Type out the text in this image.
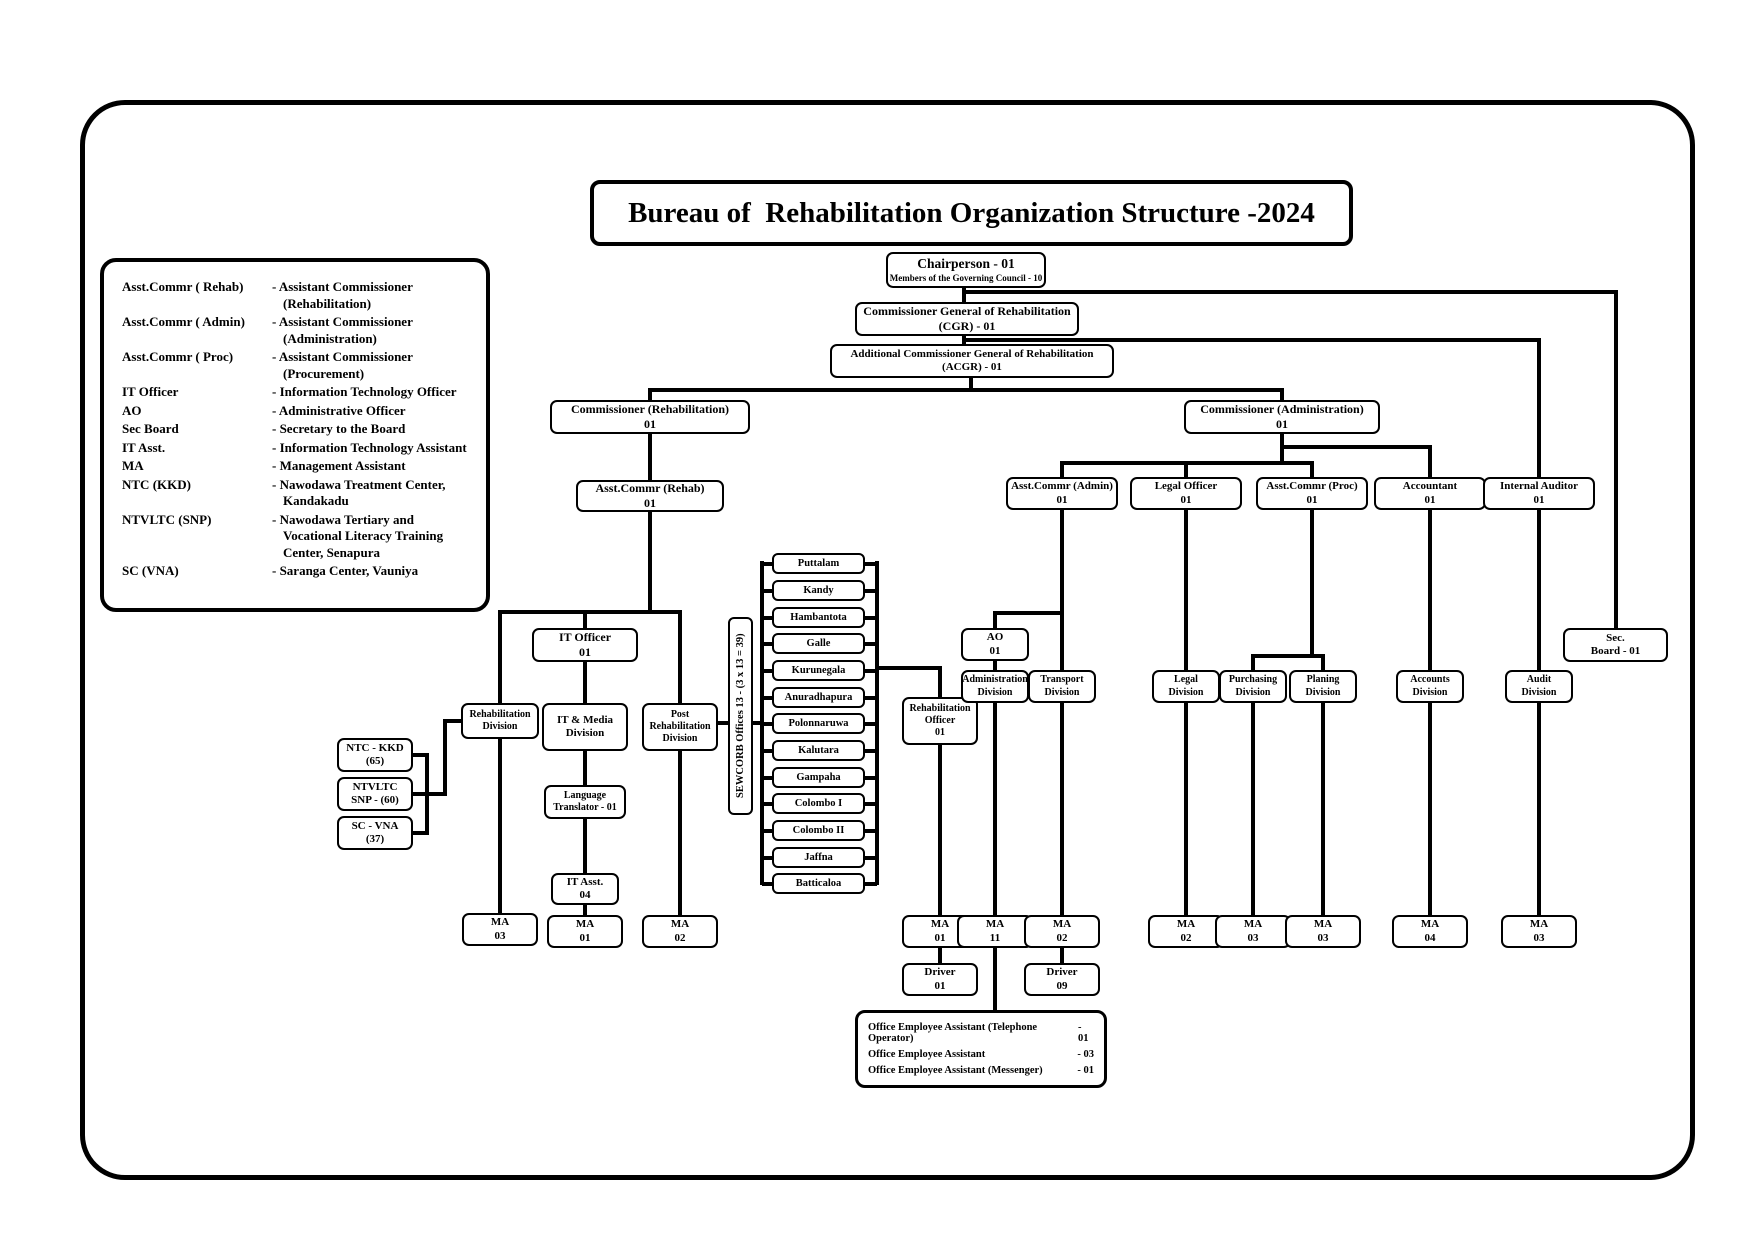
Bureau of  Rehabilitation Organization Structure -2024
Asst.Commr ( Rehab)	- Assistant Commissioner (Rehabilitation)
Asst.Commr ( Admin)	- Assistant Commissioner (Administration)
Asst.Commr ( Proc)	- Assistant Commissioner (Procurement)
IT Officer	- Information Technology Officer
AO	- Administrative Officer
Sec Board	- Secretary to the Board
IT Asst.	- Information Technology Assistant
MA	- Management Assistant
NTC (KKD)	- Nawodawa Treatment Center, Kandakadu
NTVLTC (SNP)	- Nawodawa Tertiary and Vocational Literacy Training Center, Senapura
SC (VNA)	- Saranga Center, Vauniya
Chairperson - 01
Members of the Governing Council - 10
Commissioner General of Rehabilitation
(CGR) - 01
Additional Commissioner General of Rehabilitation
(ACGR) - 01
Commissioner (Rehabilitation)
01
Commissioner (Administration)
01
Asst.Commr (Rehab)
01
IT Officer
01
Rehabilitation
Division
IT & Media
Division
Post
Rehabilitation
Division
NTC - KKD
(65)
NTVLTC
SNP - (60)
SC - VNA
(37)
Language
Translator - 01
IT Asst.
04
MA
03
MA
01
MA
02
SEWCORB Offices 13 - (3 x 13 = 39)
Puttalam
Kandy
Hambantota
Galle
Kurunegala
Anuradhapura
Polonnaruwa
Kalutara
Gampaha
Colombo I
Colombo II
Jaffna
Batticaloa
Rehabilitation
Officer
01
MA
01
Driver
01
Asst.Commr (Admin)
01
Legal Officer
01
Asst.Commr (Proc)
01
Accountant
01
Internal Auditor
01
Sec.
Board - 01
AO
01
Administration
Division
Transport
Division
Legal
Division
Purchasing
Division
Planing
Division
Accounts
Division
Audit
Division
MA
11
MA
02
Driver
09
MA
02
MA
03
MA
03
MA
04
MA
03
Office Employee Assistant (Telephone Operator)
- 01
Office Employee Assistant	- 03
Office Employee Assistant (Messenger)	- 01
